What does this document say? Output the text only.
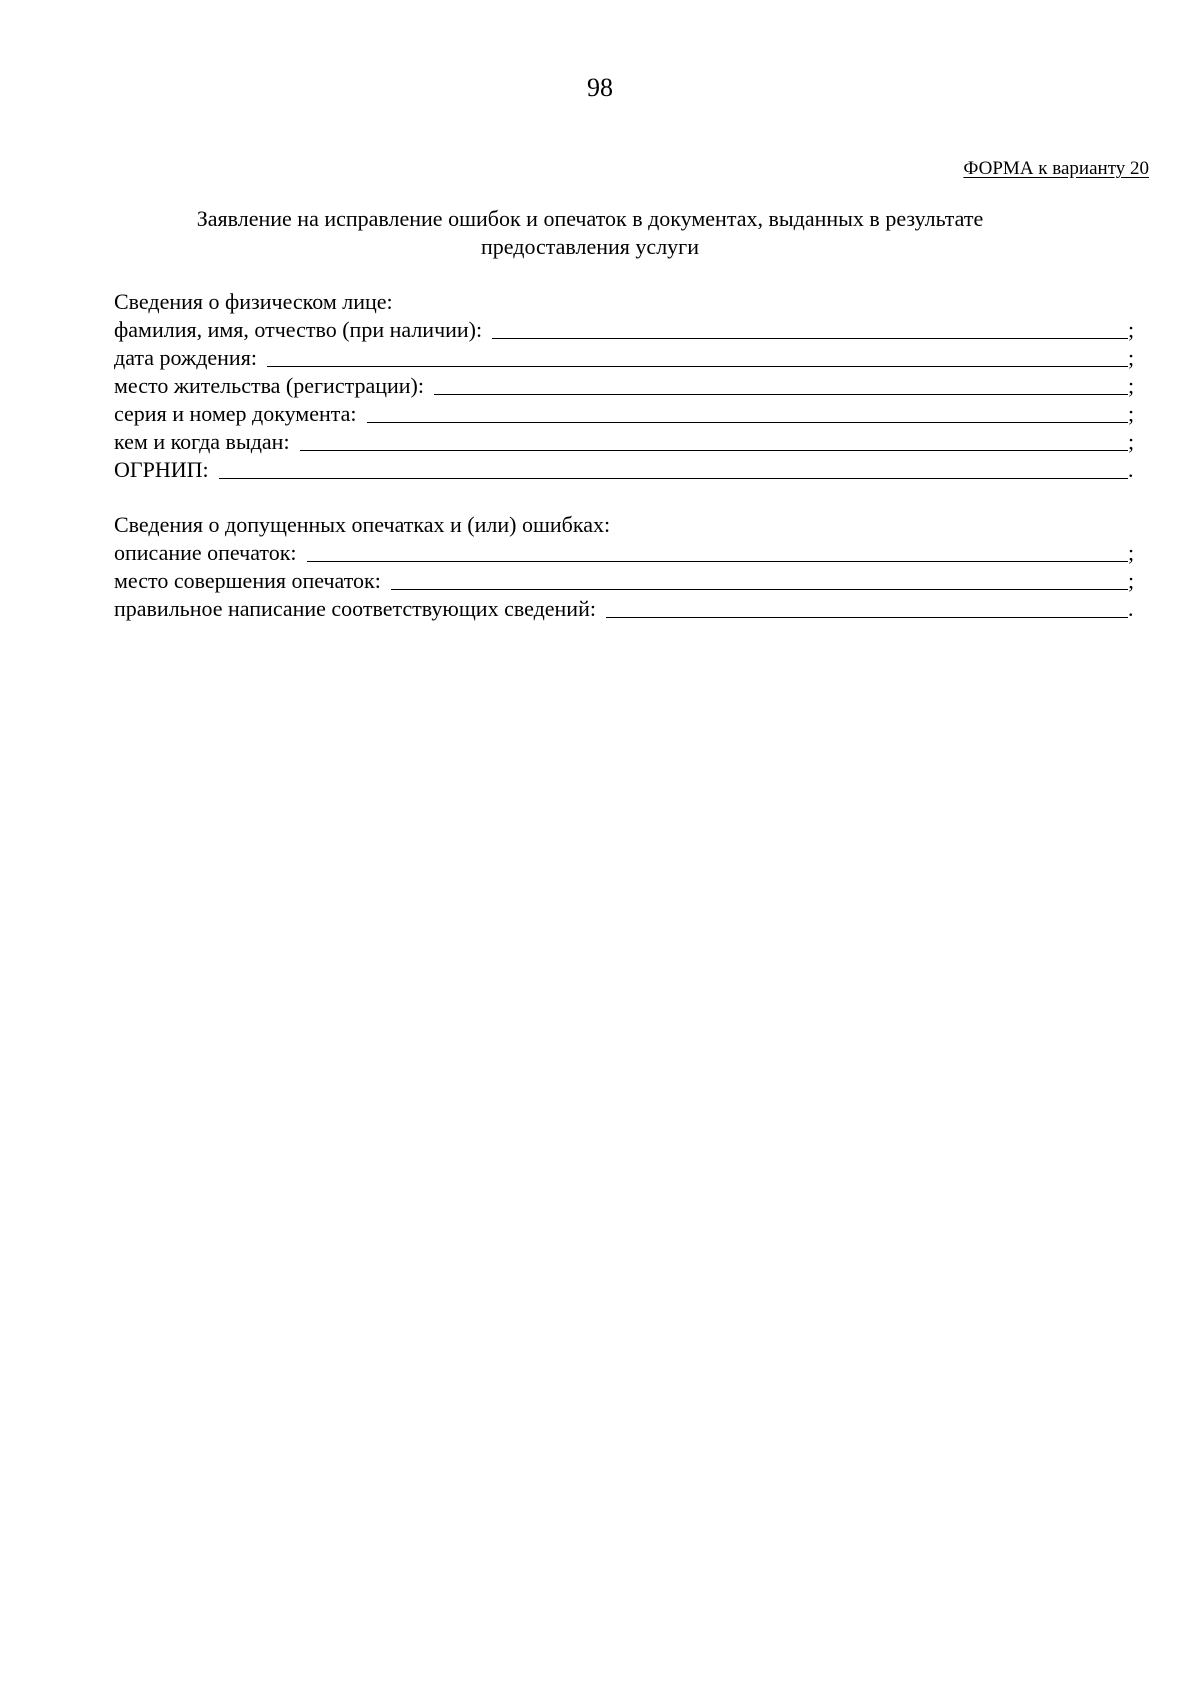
98
ФОРМА к варианту 20
Заявление на исправление ошибок и опечаток в документах, выданных в результате
предоставления услуги
Сведения о физическом лице:
фамилия, имя, отчество (при наличии):	;
дата рождения:	;
место жительства (регистрации):	;
серия и номер документа:	;
кем и когда выдан:	;
ОГРНИП:	.
Сведения о допущенных опечатках и (или) ошибках:
описание опечаток:	;
место совершения опечаток:	;
правильное написание соответствующих сведений:	.
